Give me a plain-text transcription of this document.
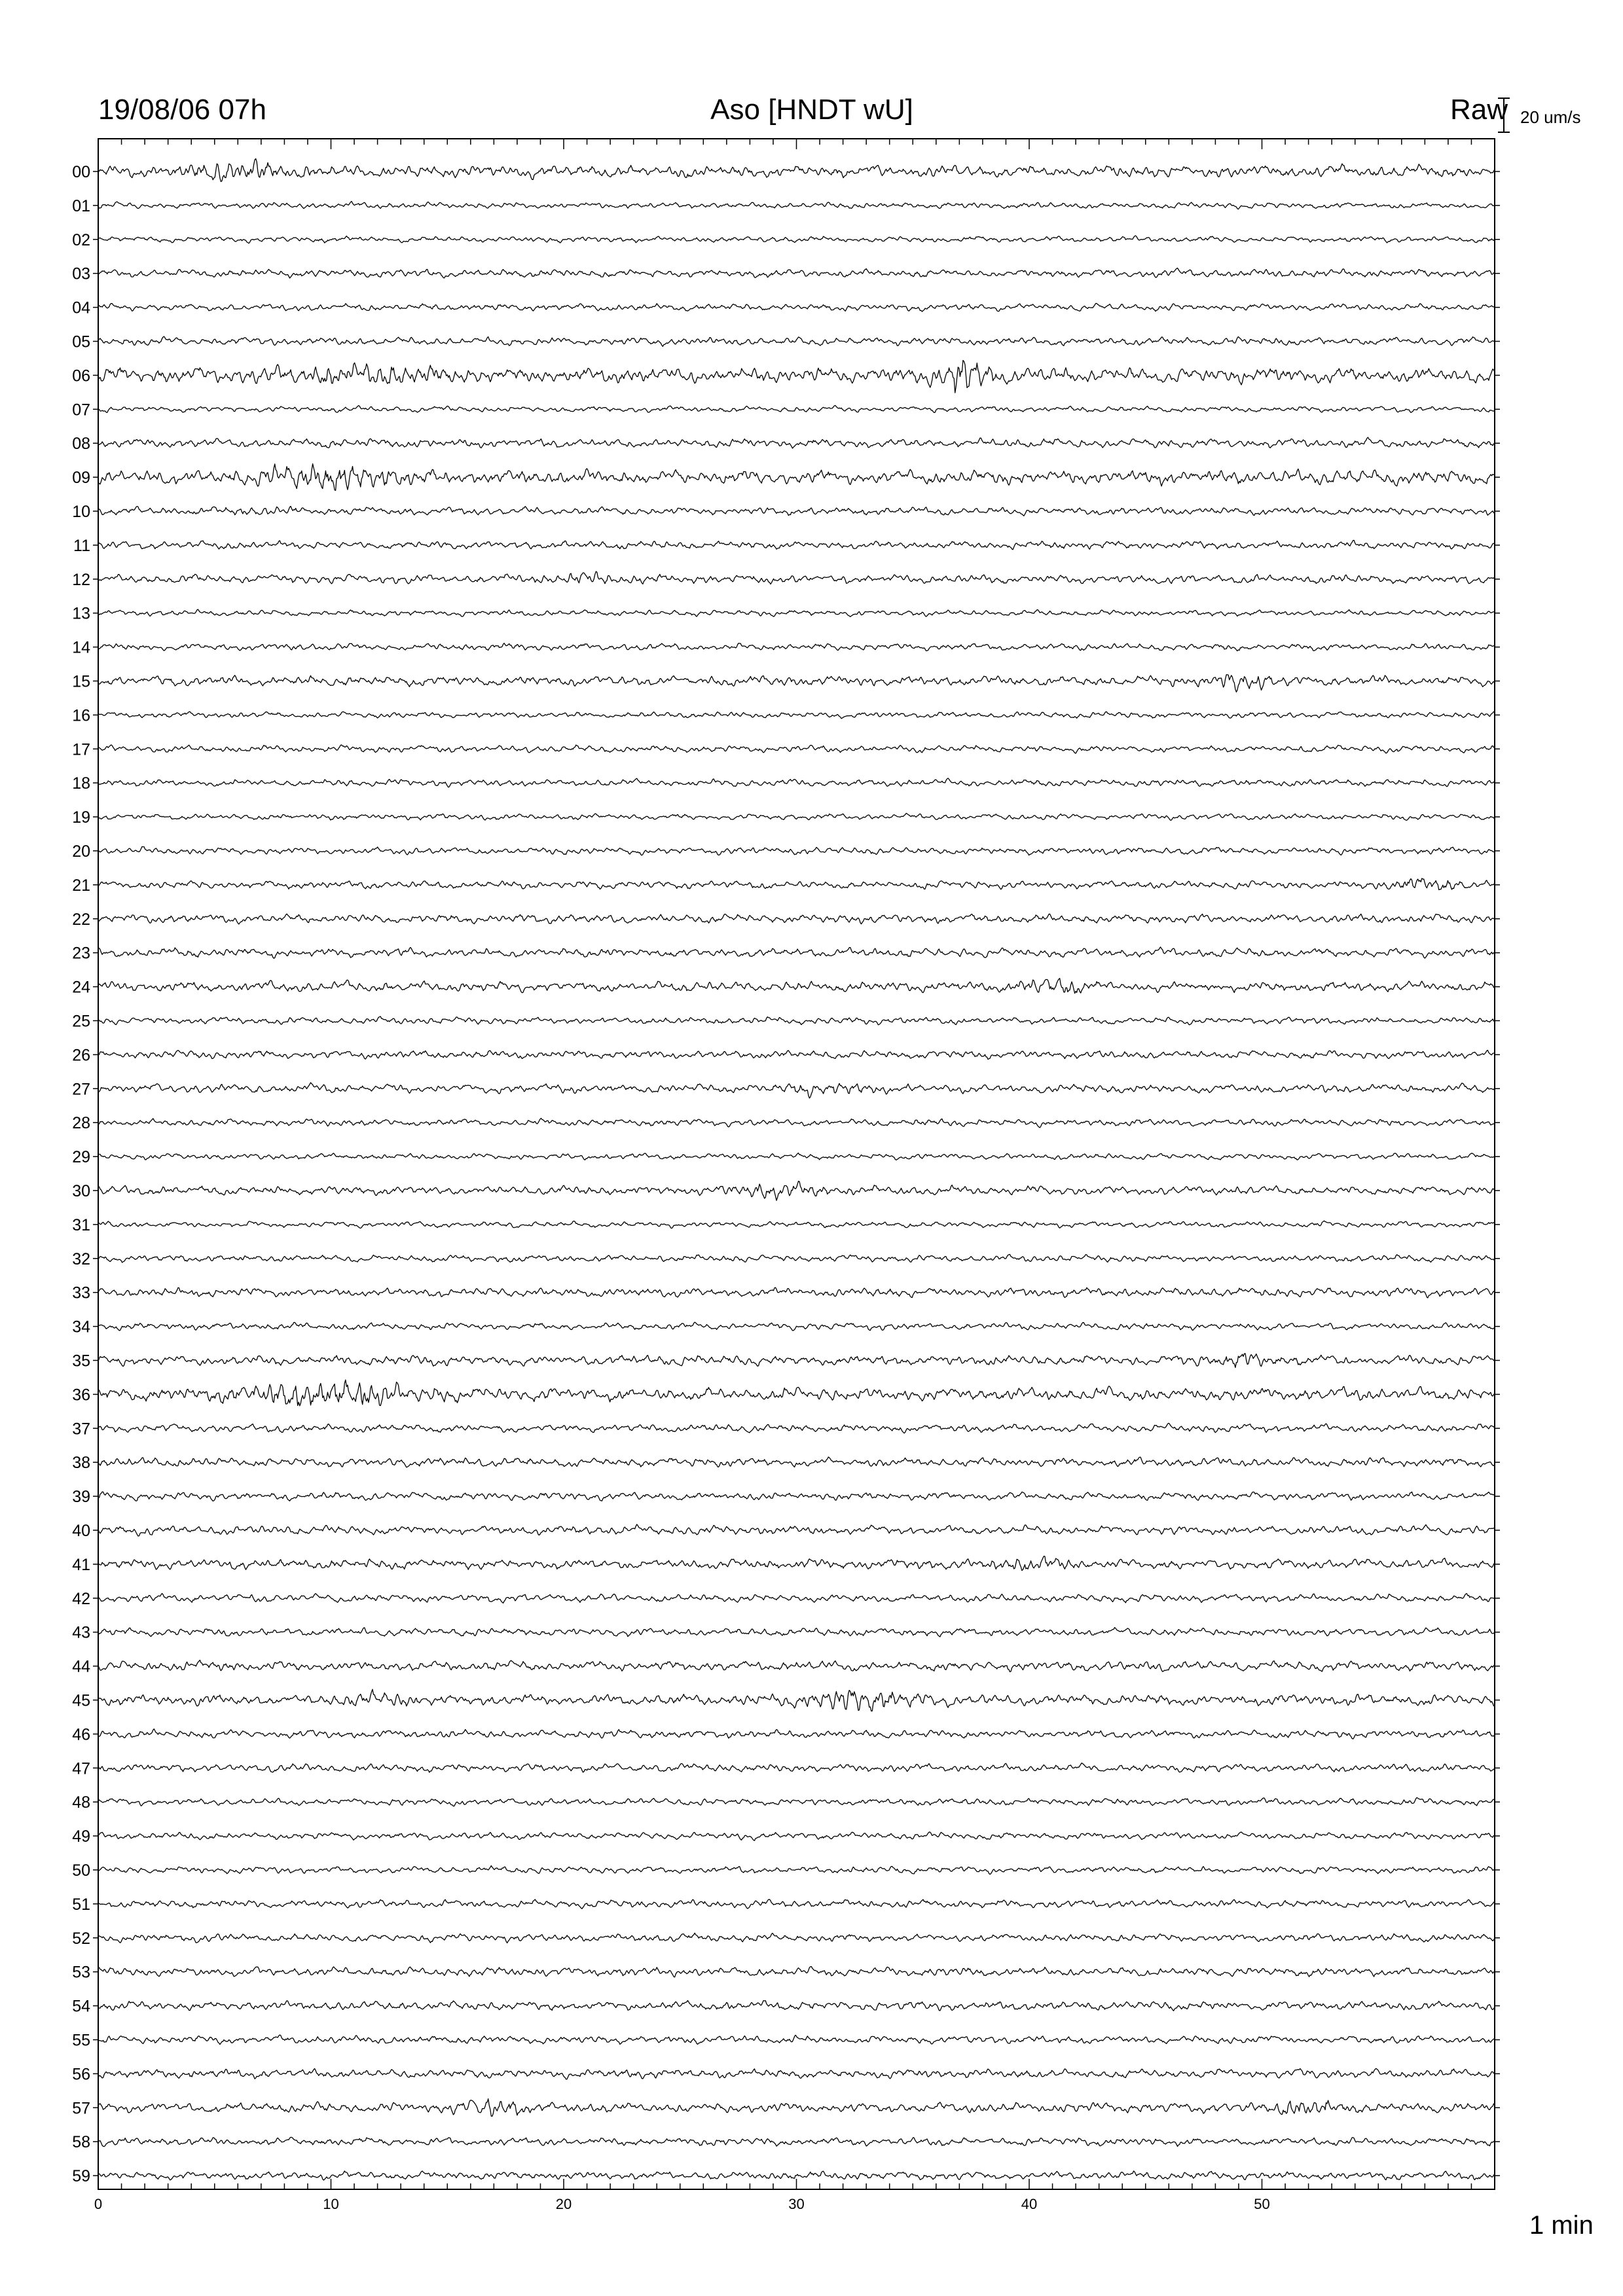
00
01
02
03
04
05
06
07
08
09
10
11
12
13
14
15
16
17
18
19
20
21
22
23
24
25
26
27
28
29
30
31
32
33
34
35
36
37
38
39
40
41
42
43
44
45
46
47
48
49
50
51
52
53
54
55
56
57
58
59
0	10	20	30	40	50
19/08/06 07h	Aso [HNDT wU]	Raw 20 um/s
1 min
